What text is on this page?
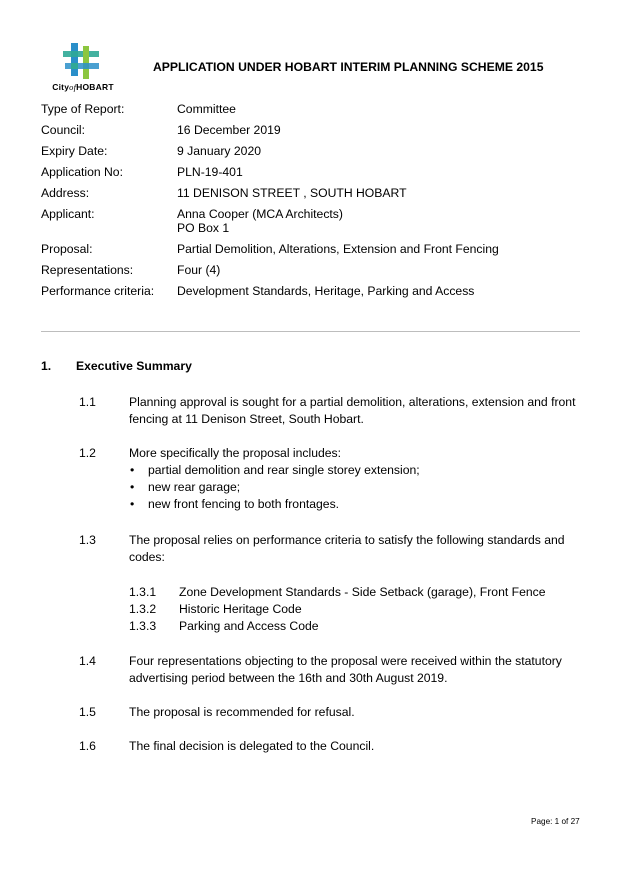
CityofHOBART
APPLICATION UNDER HOBART INTERIM PLANNING SCHEME 2015
Type of Report:	Committee
Council:	16 December 2019
Expiry Date:	9 January 2020
Application No:	PLN-19-401
Address:	11 DENISON STREET , SOUTH HOBART
Applicant:	Anna Cooper (MCA Architects)
PO Box 1
Proposal:	Partial Demolition, Alterations, Extension and Front Fencing
Representations:	Four (4)
Performance criteria:	Development Standards, Heritage, Parking and Access
1. Executive Summary
1.1	Planning approval is sought for a partial demolition, alterations, extension and front
fencing at 11 Denison Street, South Hobart.
1.2	More specifically the proposal includes:
• partial demolition and rear single storey extension;
• new rear garage;
• new front fencing to both frontages.
1.3	The proposal relies on performance criteria to satisfy the following standards and
codes:
1.3.1 Zone Development Standards - Side Setback (garage), Front Fence
1.3.2 Historic Heritage Code
1.3.3 Parking and Access Code
1.4	Four representations objecting to the proposal were received within the statutory
advertising period between the 16th and 30th August 2019.
1.5	The proposal is recommended for refusal.
1.6	The final decision is delegated to the Council.
Page: 1 of 27
